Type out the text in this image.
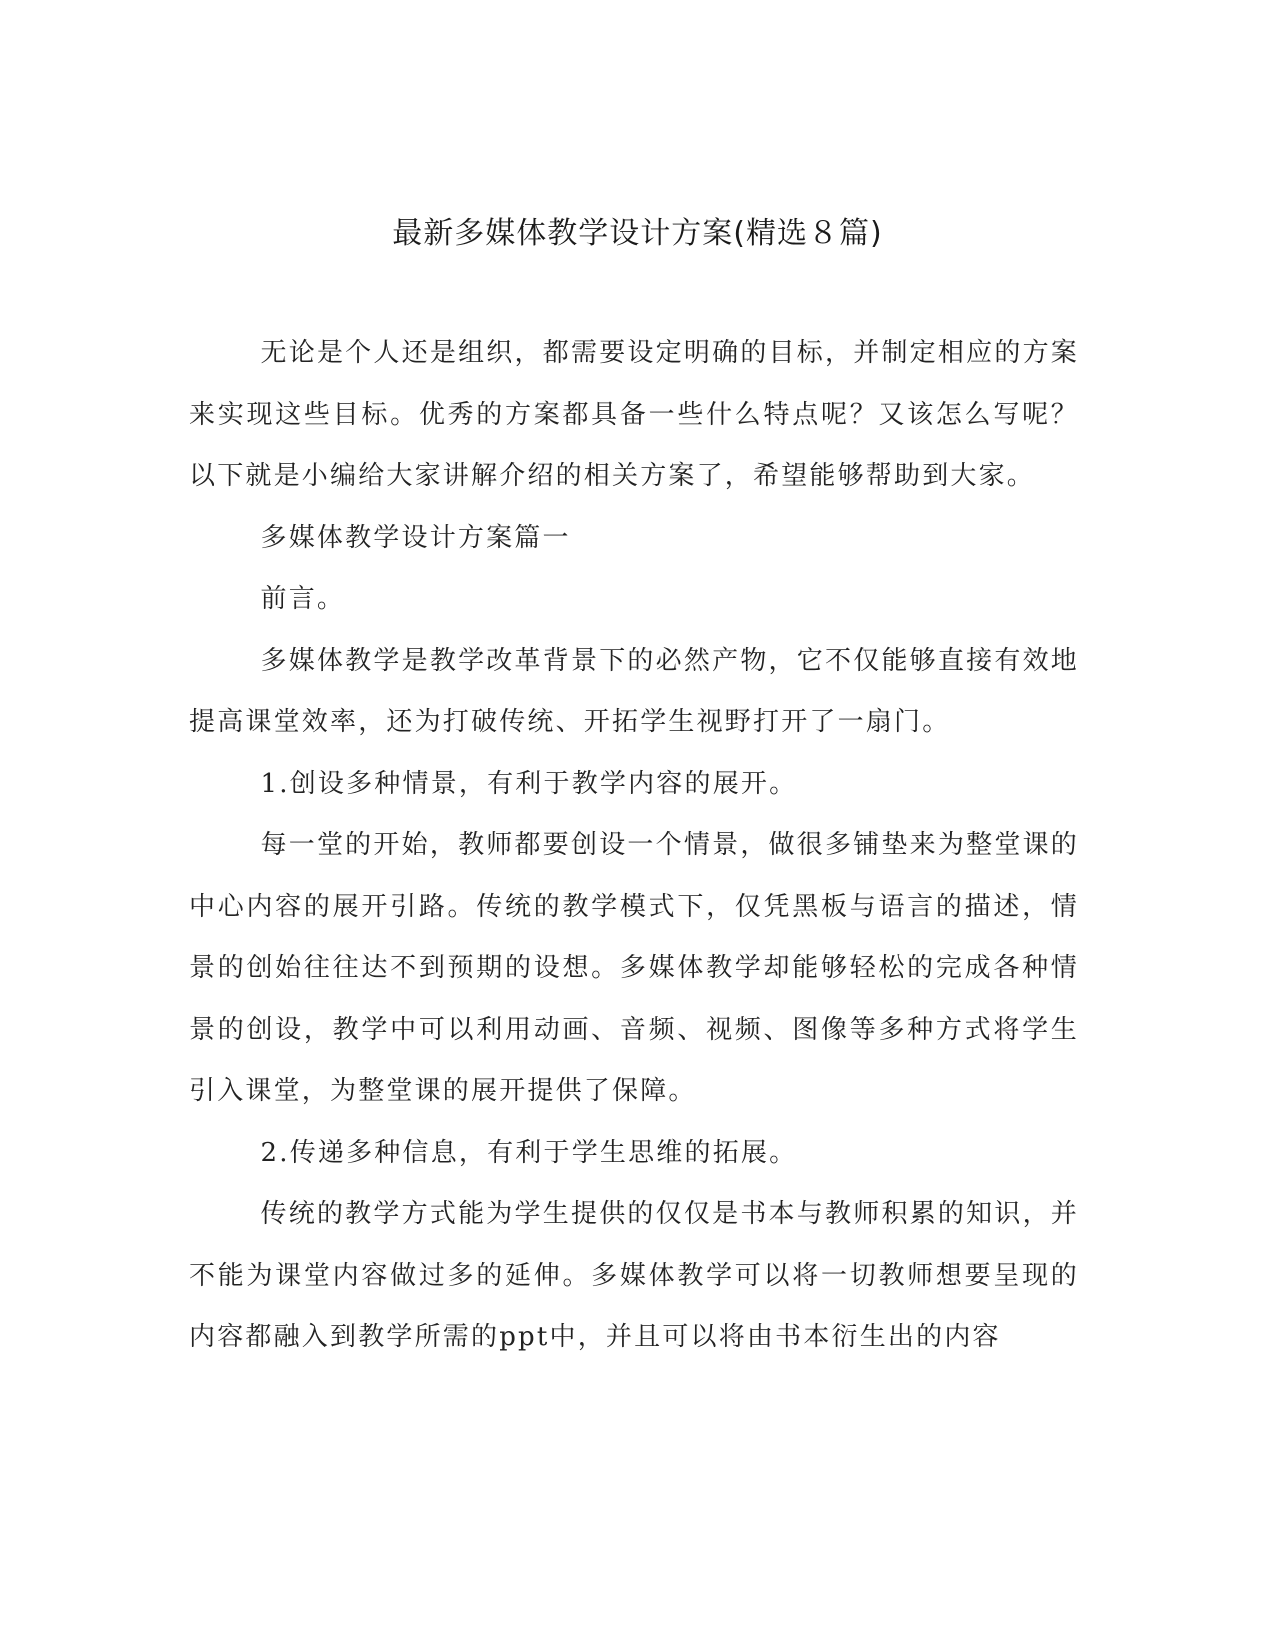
最新多媒体教学设计方案(精选８篇)

无论是个人还是组织，都需要设定明确的目标，并制定相应的方案来实现这些目标。优秀的方案都具备一些什么特点呢？又该怎么写呢？以下就是小编给大家讲解介绍的相关方案了，希望能够帮助到大家。

多媒体教学设计方案篇一

前言。

多媒体教学是教学改革背景下的必然产物，它不仅能够直接有效地提高课堂效率，还为打破传统、开拓学生视野打开了一扇门。

1.创设多种情景，有利于教学内容的展开。

每一堂的开始，教师都要创设一个情景，做很多铺垫来为整堂课的中心内容的展开引路。传统的教学模式下，仅凭黑板与语言的描述，情景的创始往往达不到预期的设想。多媒体教学却能够轻松的完成各种情景的创设，教学中可以利用动画、音频、视频、图像等多种方式将学生引入课堂，为整堂课的展开提供了保障。

2.传递多种信息，有利于学生思维的拓展。

传统的教学方式能为学生提供的仅仅是书本与教师积累的知识，并不能为课堂内容做过多的延伸。多媒体教学可以将一切教师想要呈现的内容都融入到教学所需的ppt中，并且可以将由书本衍生出的内容
